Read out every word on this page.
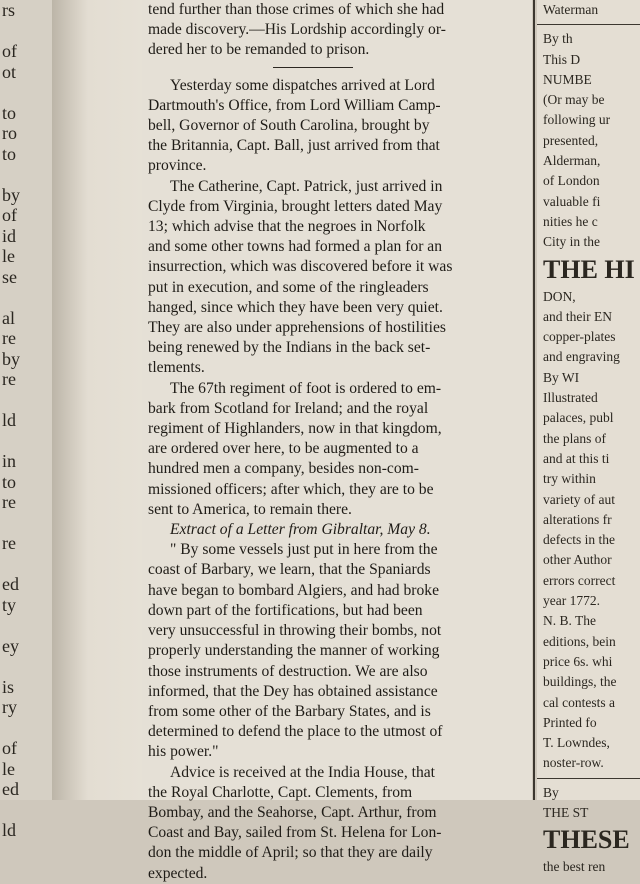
rs

of
ot

to
ro
to

by
of
id
le
se

al
re
by
re

ld

in
to
re

re

ed
ty

ey

is
ry

of
le
ed

ld
tend further than those crimes of which she had
made discovery.—His Lordship accordingly or-
dered her to be remanded to prison.
Yesterday some dispatches arrived at Lord
Dartmouth's Office, from Lord William Camp-
bell, Governor of South Carolina, brought by
the Britannia, Capt. Ball, just arrived from that
province.
The Catherine, Capt. Patrick, just arrived in
Clyde from Virginia, brought letters dated May
13; which advise that the negroes in Norfolk
and some other towns had formed a plan for an
insurrection, which was discovered before it was
put in execution, and some of the ringleaders
hanged, since which they have been very quiet.
They are also under apprehensions of hostilities
being renewed by the Indians in the back set-
tlements.
The 67th regiment of foot is ordered to em-
bark from Scotland for Ireland; and the royal
regiment of Highlanders, now in that kingdom,
are ordered over here, to be augmented to a
hundred men a company, besides non-com-
missioned officers; after which, they are to be
sent to America, to remain there.
Extract of a Letter from Gibraltar, May 8.
" By some vessels just put in here from the
coast of Barbary, we learn, that the Spaniards
have began to bombard Algiers, and had broke
down part of the fortifications, but had been
very unsuccessful in throwing their bombs, not
properly understanding the manner of working
those instruments of destruction. We are also
informed, that the Dey has obtained assistance
from some other of the Barbary States, and is
determined to defend the place to the utmost of
his power."
Advice is received at the India House, that
the Royal Charlotte, Capt. Clements, from
Bombay, and the Seahorse, Capt. Arthur, from
Coast and Bay, sailed from St. Helena for Lon-
don the middle of April; so that they are daily
expected.
Waterman
By th
This D
NUMBE
(Or may be
following ur
presented,
Alderman,
of London
valuable fi
nities he c
City in the
THE HI
DON,
and their EN
copper-plates
and engraving
By WI
Illustrated
palaces, publ
the plans of
and at this ti
try within
variety of aut
alterations fr
defects in the
other Author
errors correct
year 1772.
N. B. The
editions, bein
price 6s. whi
buildings, the
cal contests a
Printed fo
T. Lowndes,
noster-row.
By
THE ST
THESE
the best ren
